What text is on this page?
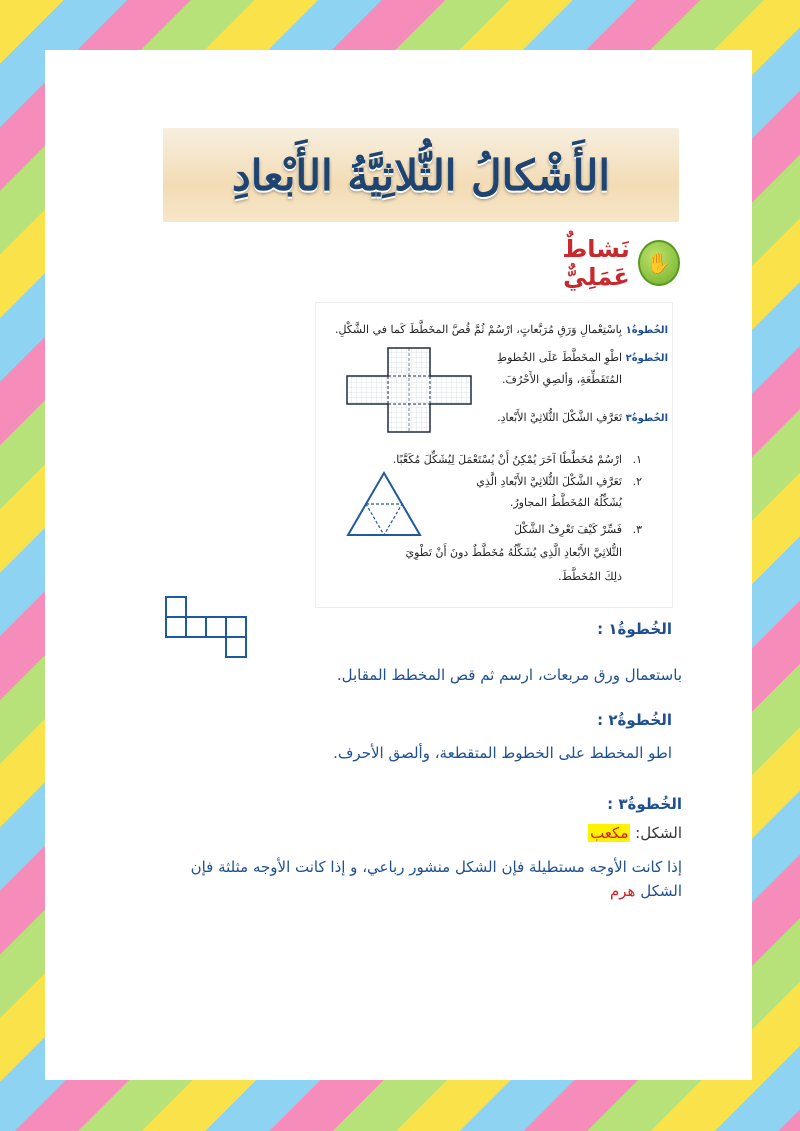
الأَشْكالُ الثُّلاثِيَّةُ الأَبْعادِ
✋
نَشاطٌ عَمَلِيٌّ
الخُطوةُ١
بِاسْتِعْمالِ وَرَقِ مُرَبَّعاتٍ، ارْسُمْ ثُمَّ قُصَّ المخَطَّطَ كَما في الشَّكْلِ.
الخُطوةُ٢
اطْوِ المخَطَّطَ عَلَى الخُطوطِ
المُتَقَطِّعَةِ، وَألصِقِ الأَحْرُفَ.
الخُطوةُ٣
تَعَرَّفِ الشَّكْلَ الثُّلاثِيَّ الأَبْعادِ.
١.
ارْسُمْ مُخَطَّطًا آخَرَ يُمْكِنُ أَنْ يُسْتَعْمَلَ لِيُشَكِّلَ مُكَعَّبًا.
٢.
تَعَرَّفِ الشَّكْلَ الثُّلاثِيَّ الأَبْعادِ الَّذِي
يُشَكِّلُهُ المُخَطَّطُ المجاورُ.
٣.
فَسِّرْ كَيْفَ تَعْرِفُ الشَّكْلَ
الثُّلاثِيَّ الأَبْعادِ الَّذِي يُشَكِّلُهُ مُخَطَّطٌ دونَ أَنْ تَطْوِيَ
ذلِكَ المُخَطَّطَ.
الخُطوةُ١ :
باستعمال ورق مربعات، ارسم ثم قص المخطط المقابل.
الخُطوةُ٢ :
اطو المخطط على الخطوط المتقطعة، وألصق الأحرف.
الخُطوةُ٣ :
الشكل: مكعب
إذا كانت الأوجه مستطيلة فإن الشكل منشور رباعي، و إذا كانت الأوجه مثلثة فإن
الشكل هرم
